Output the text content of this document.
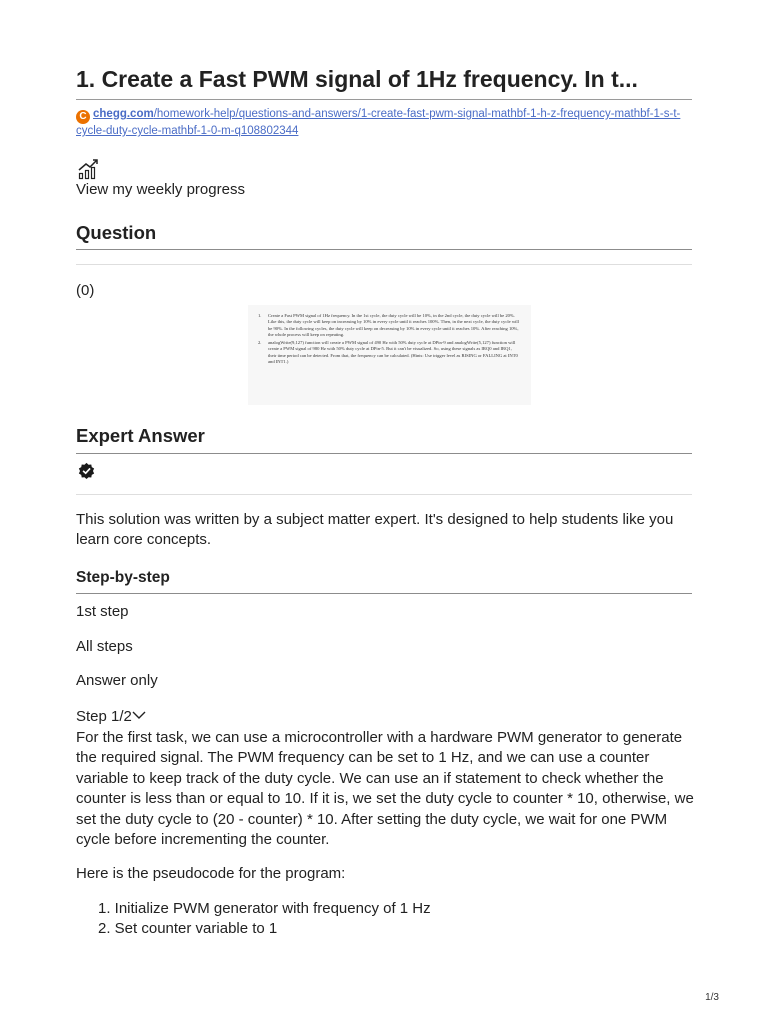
1. Create a Fast PWM signal of 1Hz frequency. In t...
C chegg.com/homework-help/questions-and-answers/1-create-fast-pwm-signal-mathbf-1-h-z-frequency-mathbf-1-s-t-cycle-duty-cycle-mathbf-1-0-m-q108802344
View my weekly progress
Question
(0)
1.	Create a Fast PWM signal of 1Hz frequency. In the 1st cycle, the duty cycle will be 10%, in the 2nd cycle, the duty cycle will be 20%. Like this, the duty cycle will keep on increasing by 10% in every cycle until it reaches 100%. Then, in the next cycle, the duty cycle will be 90%. In the following cycles, the duty cycle will keep on decreasing by 10% in every cycle until it reaches 10%. After reaching 10%, the whole process will keep on repeating.
2.	analogWrite(9,127) function will create a PWM signal of 490 Hz with 50% duty cycle at DPin-9 and analogWrite(5,127) function will create a PWM signal of 980 Hz with 50% duty cycle at DPin-5. But it can't be visualized. So, using these signals as IRQ0 and IRQ1, their time period can be detected. From that, the frequency can be calculated. (Hints: Use trigger level as RISING or FALLING at INT0 and INT1.)
Expert Answer

This solution was written by a subject matter expert. It's designed to help students like you learn core concepts.

Step-by-step
1st step
All steps
Answer only
Step 1/2

For the first task, we can use a microcontroller with a hardware PWM generator to generate the required signal. The PWM frequency can be set to 1 Hz, and we can use a counter variable to keep track of the duty cycle. We can use an if statement to check whether the counter is less than or equal to 10. If it is, we set the duty cycle to counter * 10, otherwise, we set the duty cycle to (20 - counter) * 10. After setting the duty cycle, we wait for one PWM cycle before incrementing the counter.

Here is the pseudocode for the program:

1. Initialize PWM generator with frequency of 1 Hz
2. Set counter variable to 1
1/3
